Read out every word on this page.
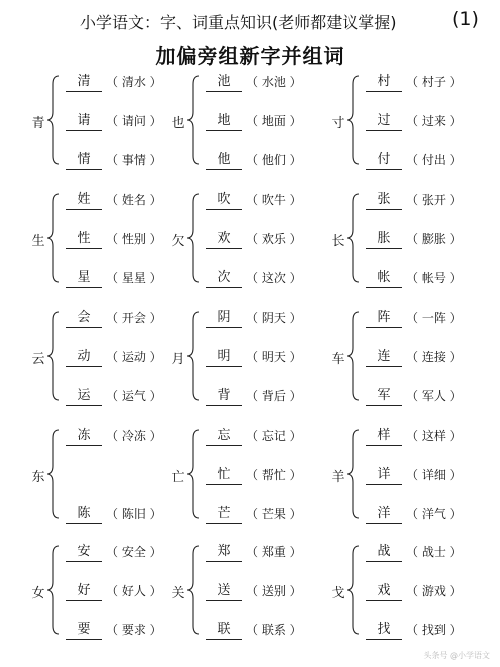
小学语文：字、词重点知识(老师都建议掌握)	(1)
加偏旁组新字并组词
青
清	（ 清水 ）
请	（ 请问 ）
情	（ 事情 ）
也
池	（ 水池 ）
地	（ 地面 ）
他	（ 他们 ）
寸
村	（ 村子 ）
过	（ 过来 ）
付	（ 付出 ）
生
姓	（ 姓名 ）
性	（ 性别 ）
星	（ 星星 ）
欠
吹	（ 吹牛 ）
欢	（ 欢乐 ）
次	（ 这次 ）
长
张	（ 张开 ）
胀	（ 膨胀 ）
帐	（ 帐号 ）
云
会	（ 开会 ）
动	（ 运动 ）
运	（ 运气 ）
月
阴	（ 阴天 ）
明	（ 明天 ）
背	（ 背后 ）
车
阵	（ 一阵 ）
连	（ 连接 ）
军	（ 军人 ）
东
冻	（ 冷冻 ）
陈	（ 陈旧 ）
亡
忘	（ 忘记 ）
忙	（ 帮忙 ）
芒	（ 芒果 ）
羊
样	（ 这样 ）
详	（ 详细 ）
洋	（ 洋气 ）
女
安	（ 安全 ）
好	（ 好人 ）
要	（ 要求 ）
关
郑	（ 郑重 ）
送	（ 送别 ）
联	（ 联系 ）
戈
战	（ 战士 ）
戏	（ 游戏 ）
找	（ 找到 ）
头条号 @小学语文
